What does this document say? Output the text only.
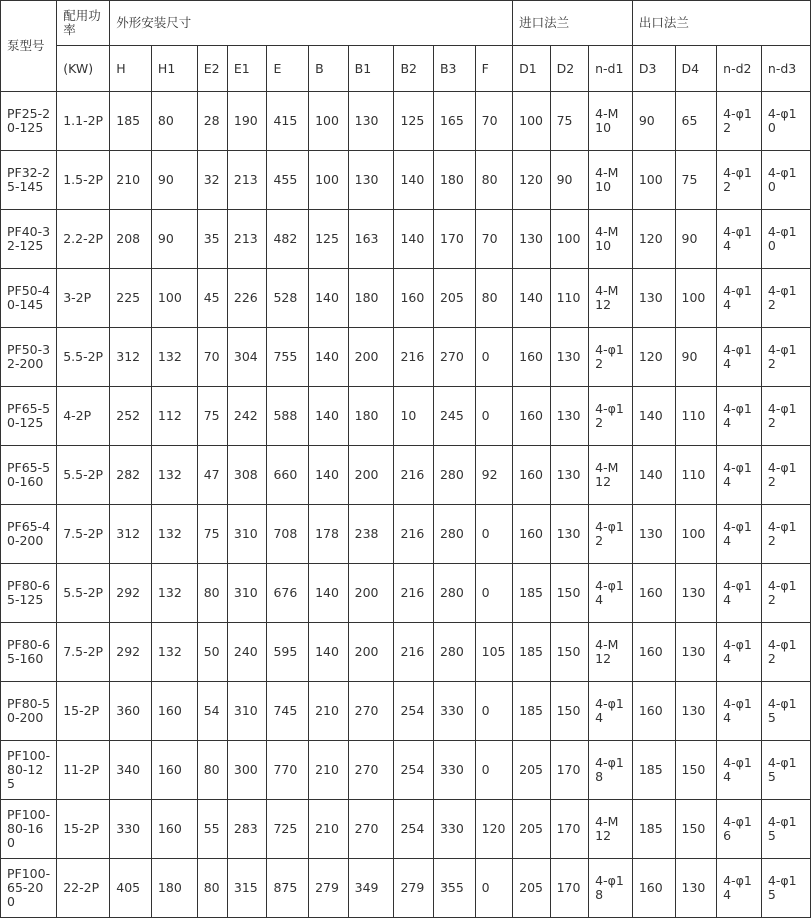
泵型号	配用功率	外形安装尺寸										进口法兰			出口法兰			
	(KW)	H	H1	E2	E1	E	B	B1	B2	B3	F	D1	D2	n-d1	D3	D4	n-d2	n-d3
PF25-20-125	1.1-2P	185	80	28	190	415	100	130	125	165	70	100	75	4-M10	90	65	4-φ12	4-φ10
PF32-25-145	1.5-2P	210	90	32	213	455	100	130	140	180	80	120	90	4-M10	100	75	4-φ12	4-φ10
PF40-32-125	2.2-2P	208	90	35	213	482	125	163	140	170	70	130	100	4-M10	120	90	4-φ14	4-φ10
PF50-40-145	3-2P	225	100	45	226	528	140	180	160	205	80	140	110	4-M12	130	100	4-φ14	4-φ12
PF50-32-200	5.5-2P	312	132	70	304	755	140	200	216	270	0	160	130	4-φ12	120	90	4-φ14	4-φ12
PF65-50-125	4-2P	252	112	75	242	588	140	180	10	245	0	160	130	4-φ12	140	110	4-φ14	4-φ12
PF65-50-160	5.5-2P	282	132	47	308	660	140	200	216	280	92	160	130	4-M12	140	110	4-φ14	4-φ12
PF65-40-200	7.5-2P	312	132	75	310	708	178	238	216	280	0	160	130	4-φ12	130	100	4-φ14	4-φ12
PF80-65-125	5.5-2P	292	132	80	310	676	140	200	216	280	0	185	150	4-φ14	160	130	4-φ14	4-φ12
PF80-65-160	7.5-2P	292	132	50	240	595	140	200	216	280	105	185	150	4-M12	160	130	4-φ14	4-φ12
PF80-50-200	15-2P	360	160	54	310	745	210	270	254	330	0	185	150	4-φ14	160	130	4-φ14	4-φ15
PF100-80-125	11-2P	340	160	80	300	770	210	270	254	330	0	205	170	4-φ18	185	150	4-φ14	4-φ15
PF100-80-160	15-2P	330	160	55	283	725	210	270	254	330	120	205	170	4-M12	185	150	4-φ16	4-φ15
PF100-65-200	22-2P	405	180	80	315	875	279	349	279	355	0	205	170	4-φ18	160	130	4-φ14	4-φ15
